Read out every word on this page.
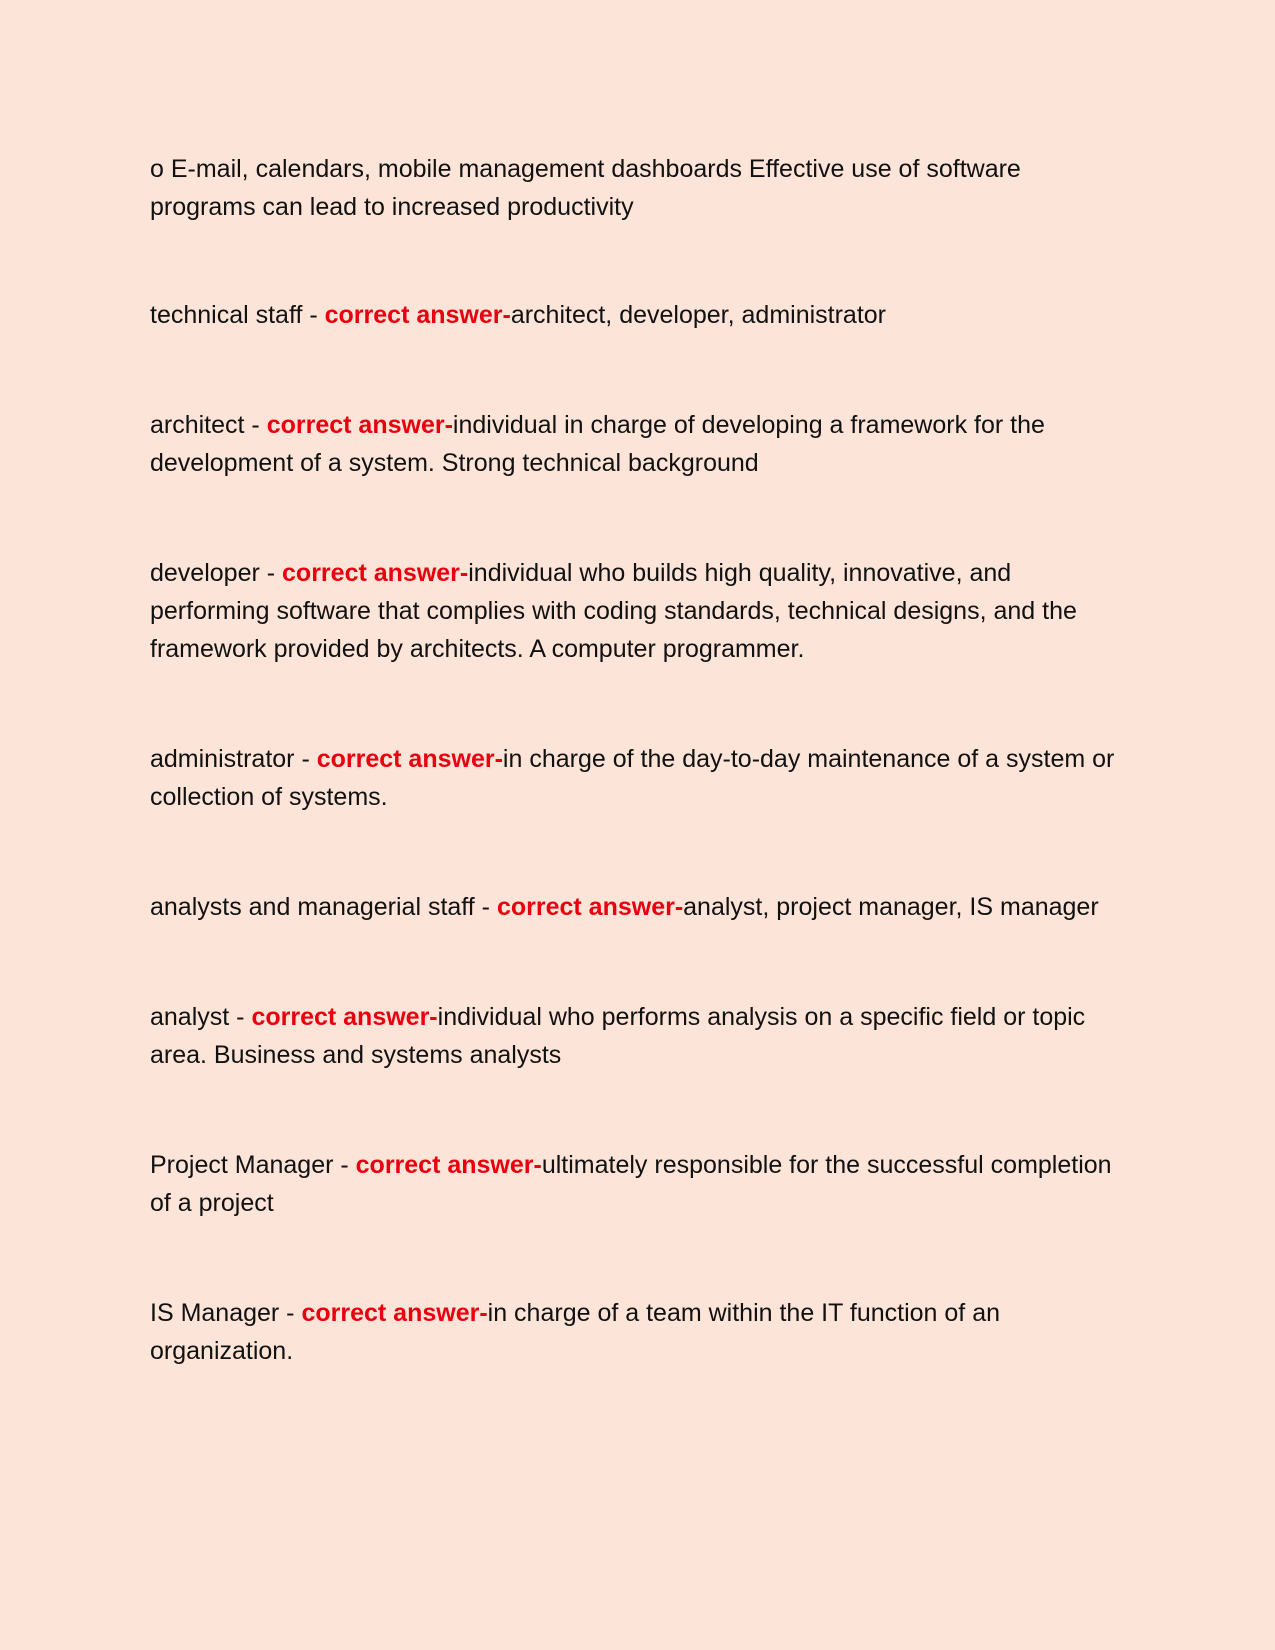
o E-mail, calendars, mobile management dashboards Effective use of software programs can lead to increased productivity

technical staff - correct answer-architect, developer, administrator

architect - correct answer-individual in charge of developing a framework for the development of a system. Strong technical background

developer - correct answer-individual who builds high quality, innovative, and performing software that complies with coding standards, technical designs, and the framework provided by architects. A computer programmer.

administrator - correct answer-in charge of the day-to-day maintenance of a system or collection of systems.

analysts and managerial staff - correct answer-analyst, project manager, IS manager

analyst - correct answer-individual who performs analysis on a specific field or topic area. Business and systems analysts

Project Manager - correct answer-ultimately responsible for the successful completion of a project

IS Manager - correct answer-in charge of a team within the IT function of an organization.
